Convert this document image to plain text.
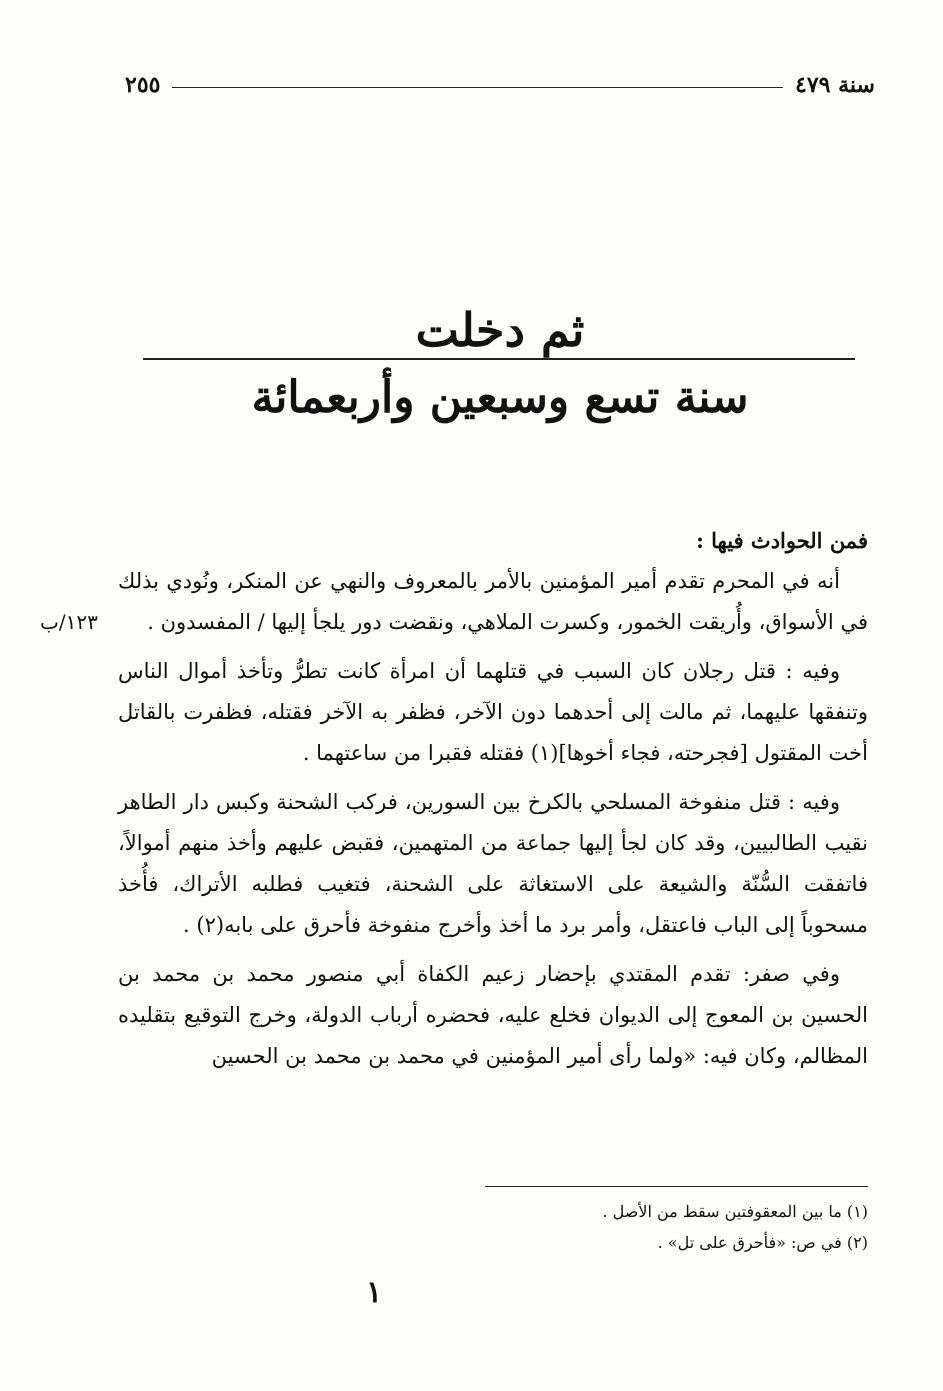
سنة ٤٧٩
٢٥٥
ثم دخلت
سنة تسع وسبعين وأربعمائة

فمن الحوادث فيها :

أنه في المحرم تقدم أمير المؤمنين بالأمر بالمعروف والنهي عن المنكر، ونُودي بذلك في الأسواق، وأُريقت الخمور، وكسرت الملاهي، ونقضت دور يلجأ إليها / المفسدون .
١٢٣/ب

وفيه : قتل رجلان كان السبب في قتلهما أن امرأة كانت تطرُّ وتأخذ أموال الناس وتنفقها عليهما، ثم مالت إلى أحدهما دون الآخر، فظفر به الآخر فقتله، فظفرت بالقاتل أخت المقتول [فجرحته، فجاء أخوها](١) فقتله فقبرا من ساعتهما .

وفيه : قتل منفوخة المسلحي بالكرخ بين السورين، فركب الشحنة وكبس دار الطاهر نقيب الطالبيين، وقد كان لجأ إليها جماعة من المتهمين، فقبض عليهم وأخذ منهم أموالاً، فاتفقت السُّنّة والشيعة على الاستغاثة على الشحنة، فتغيب فطلبه الأتراك، فأُخذ مسحوباً إلى الباب فاعتقل، وأمر برد ما أخذ وأخرج منفوخة فأحرق على بابه(٢) .

وفي صفر: تقدم المقتدي بإحضار زعيم الكفاة أبي منصور محمد بن محمد بن الحسين بن المعوج إلى الديوان فخلع عليه، فحضره أرباب الدولة، وخرج التوقيع بتقليده المظالم، وكان فيه: «ولما رأى أمير المؤمنين في محمد بن محمد بن الحسين

(١) ما بين المعقوفتين سقط من الأصل .
(٢) في ص: «فأحرق على تل» .
١
